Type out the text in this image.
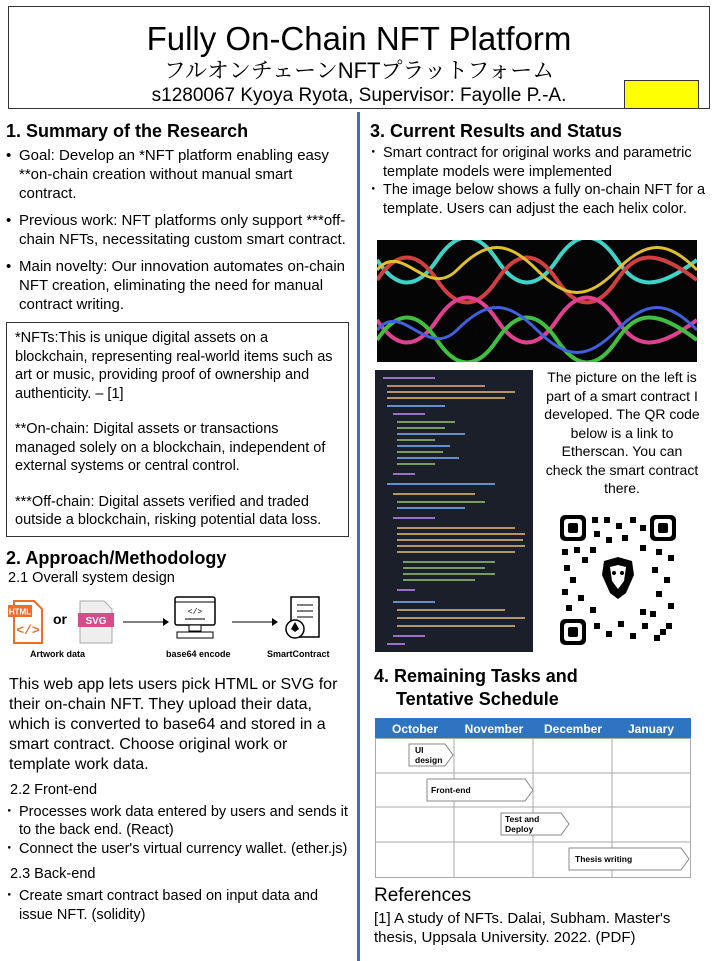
Fully On-Chain NFT Platform
フルオンチェーンNFTプラットフォーム
s1280067 Kyoya Ryota, Supervisor: Fayolle P.-A.
1. Summary of the Research
• Goal: Develop an *NFT platform enabling easy **on-chain creation without manual smart contract.
• Previous work: NFT platforms only support ***off-chain NFTs, necessitating custom smart contract.
• Main novelty: Our innovation automates on-chain NFT creation, eliminating the need for manual contract writing.

*NFTs:This is unique digital assets on a blockchain, representing real-world items such as art or music, providing proof of ownership and authenticity. – [1]

**On-chain: Digital assets or transactions managed solely on a blockchain, independent of external systems or central control.

***Off-chain: Digital assets verified and traded outside a blockchain, risking potential data loss.

2. Approach/Methodology
2.1 Overall system design
HTML
</>
or SVG
Artwork data
</>
base64 encode	SmartContract
This web app lets users pick HTML or SVG for their on-chain NFT. They upload their data, which is converted to base64 and stored in a smart contract. Choose original work or template work data.
2.2 Front-end
・ Processes work data entered by users and sends it to the back end. (React)
・ Connect the user's virtual currency wallet. (ether.js)
2.3 Back-end
・ Create smart contract based on input data and issue NFT. (solidity)
3. Current Results and Status
・ Smart contract for original works and parametric template models were implemented
・ The image below shows a fully on-chain NFT for a template. Users can adjust the each helix color.
The picture on the left is part of a smart contract I developed. The QR code below is a link to Etherscan. You can check the smart contract there.
4. Remaining Tasks and
Tentative Schedule
October November December January
UI
design
Front-end
Test and
Deploy
Thesis writing
References
[1] A study of NFTs. Dalai, Subham. Master's thesis, Uppsala University. 2022. (PDF)
